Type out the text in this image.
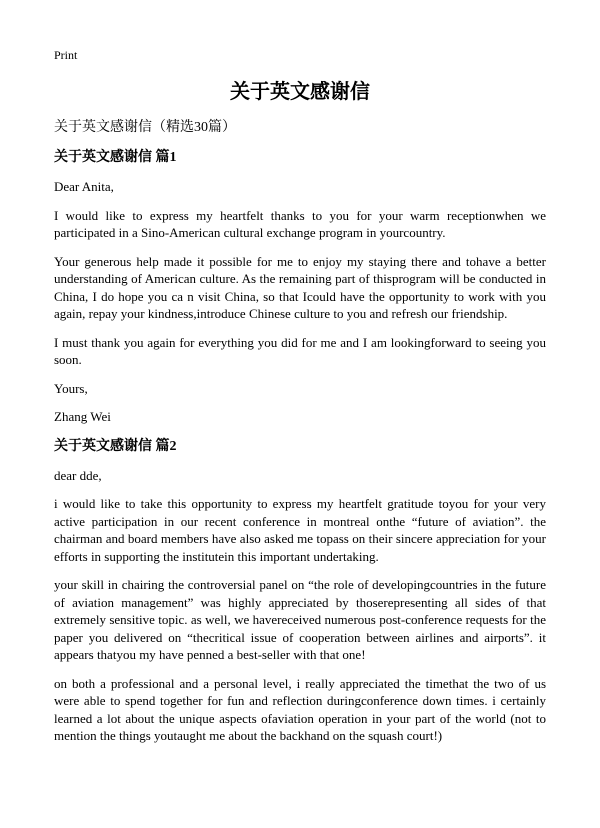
Print
关于英文感谢信
关于英文感谢信（精选30篇）
关于英文感谢信 篇1

Dear Anita,

I would like to express my heartfelt thanks to you for your warm receptionwhen we participated in a Sino-American cultural exchange program in yourcountry.

Your generous help made it possible for me to enjoy my staying there and tohave a better understanding of American culture. As the remaining part of thisprogram will be conducted in China, I do hope you ca n visit China, so that Icould have the opportunity to work with you again, repay your kindness,introduce Chinese culture to you and refresh our friendship.

I must thank you again for everything you did for me and I am lookingforward to seeing you soon.

Yours,

Zhang Wei

关于英文感谢信 篇2

dear dde,

i would like to take this opportunity to express my heartfelt gratitude toyou for your very active participation in our recent conference in montreal onthe “future of aviation”. the chairman and board members have also asked me topass on their sincere appreciation for your efforts in supporting the institutein this important undertaking.

your skill in chairing the controversial panel on “the role of developingcountries in the future of aviation management” was highly appreciated by thoserepresenting all sides of that extremely sensitive topic. as well, we havereceived numerous post-conference requests for the paper you delivered on “thecritical issue of cooperation between airlines and airports”. it appears thatyou my have penned a best-seller with that one!

on both a professional and a personal level, i really appreciated the timethat the two of us were able to spend together for fun and reflection duringconference down times. i certainly learned a lot about the unique aspects ofaviation operation in your part of the world (not to mention the things youtaught me about the backhand on the squash court!)
